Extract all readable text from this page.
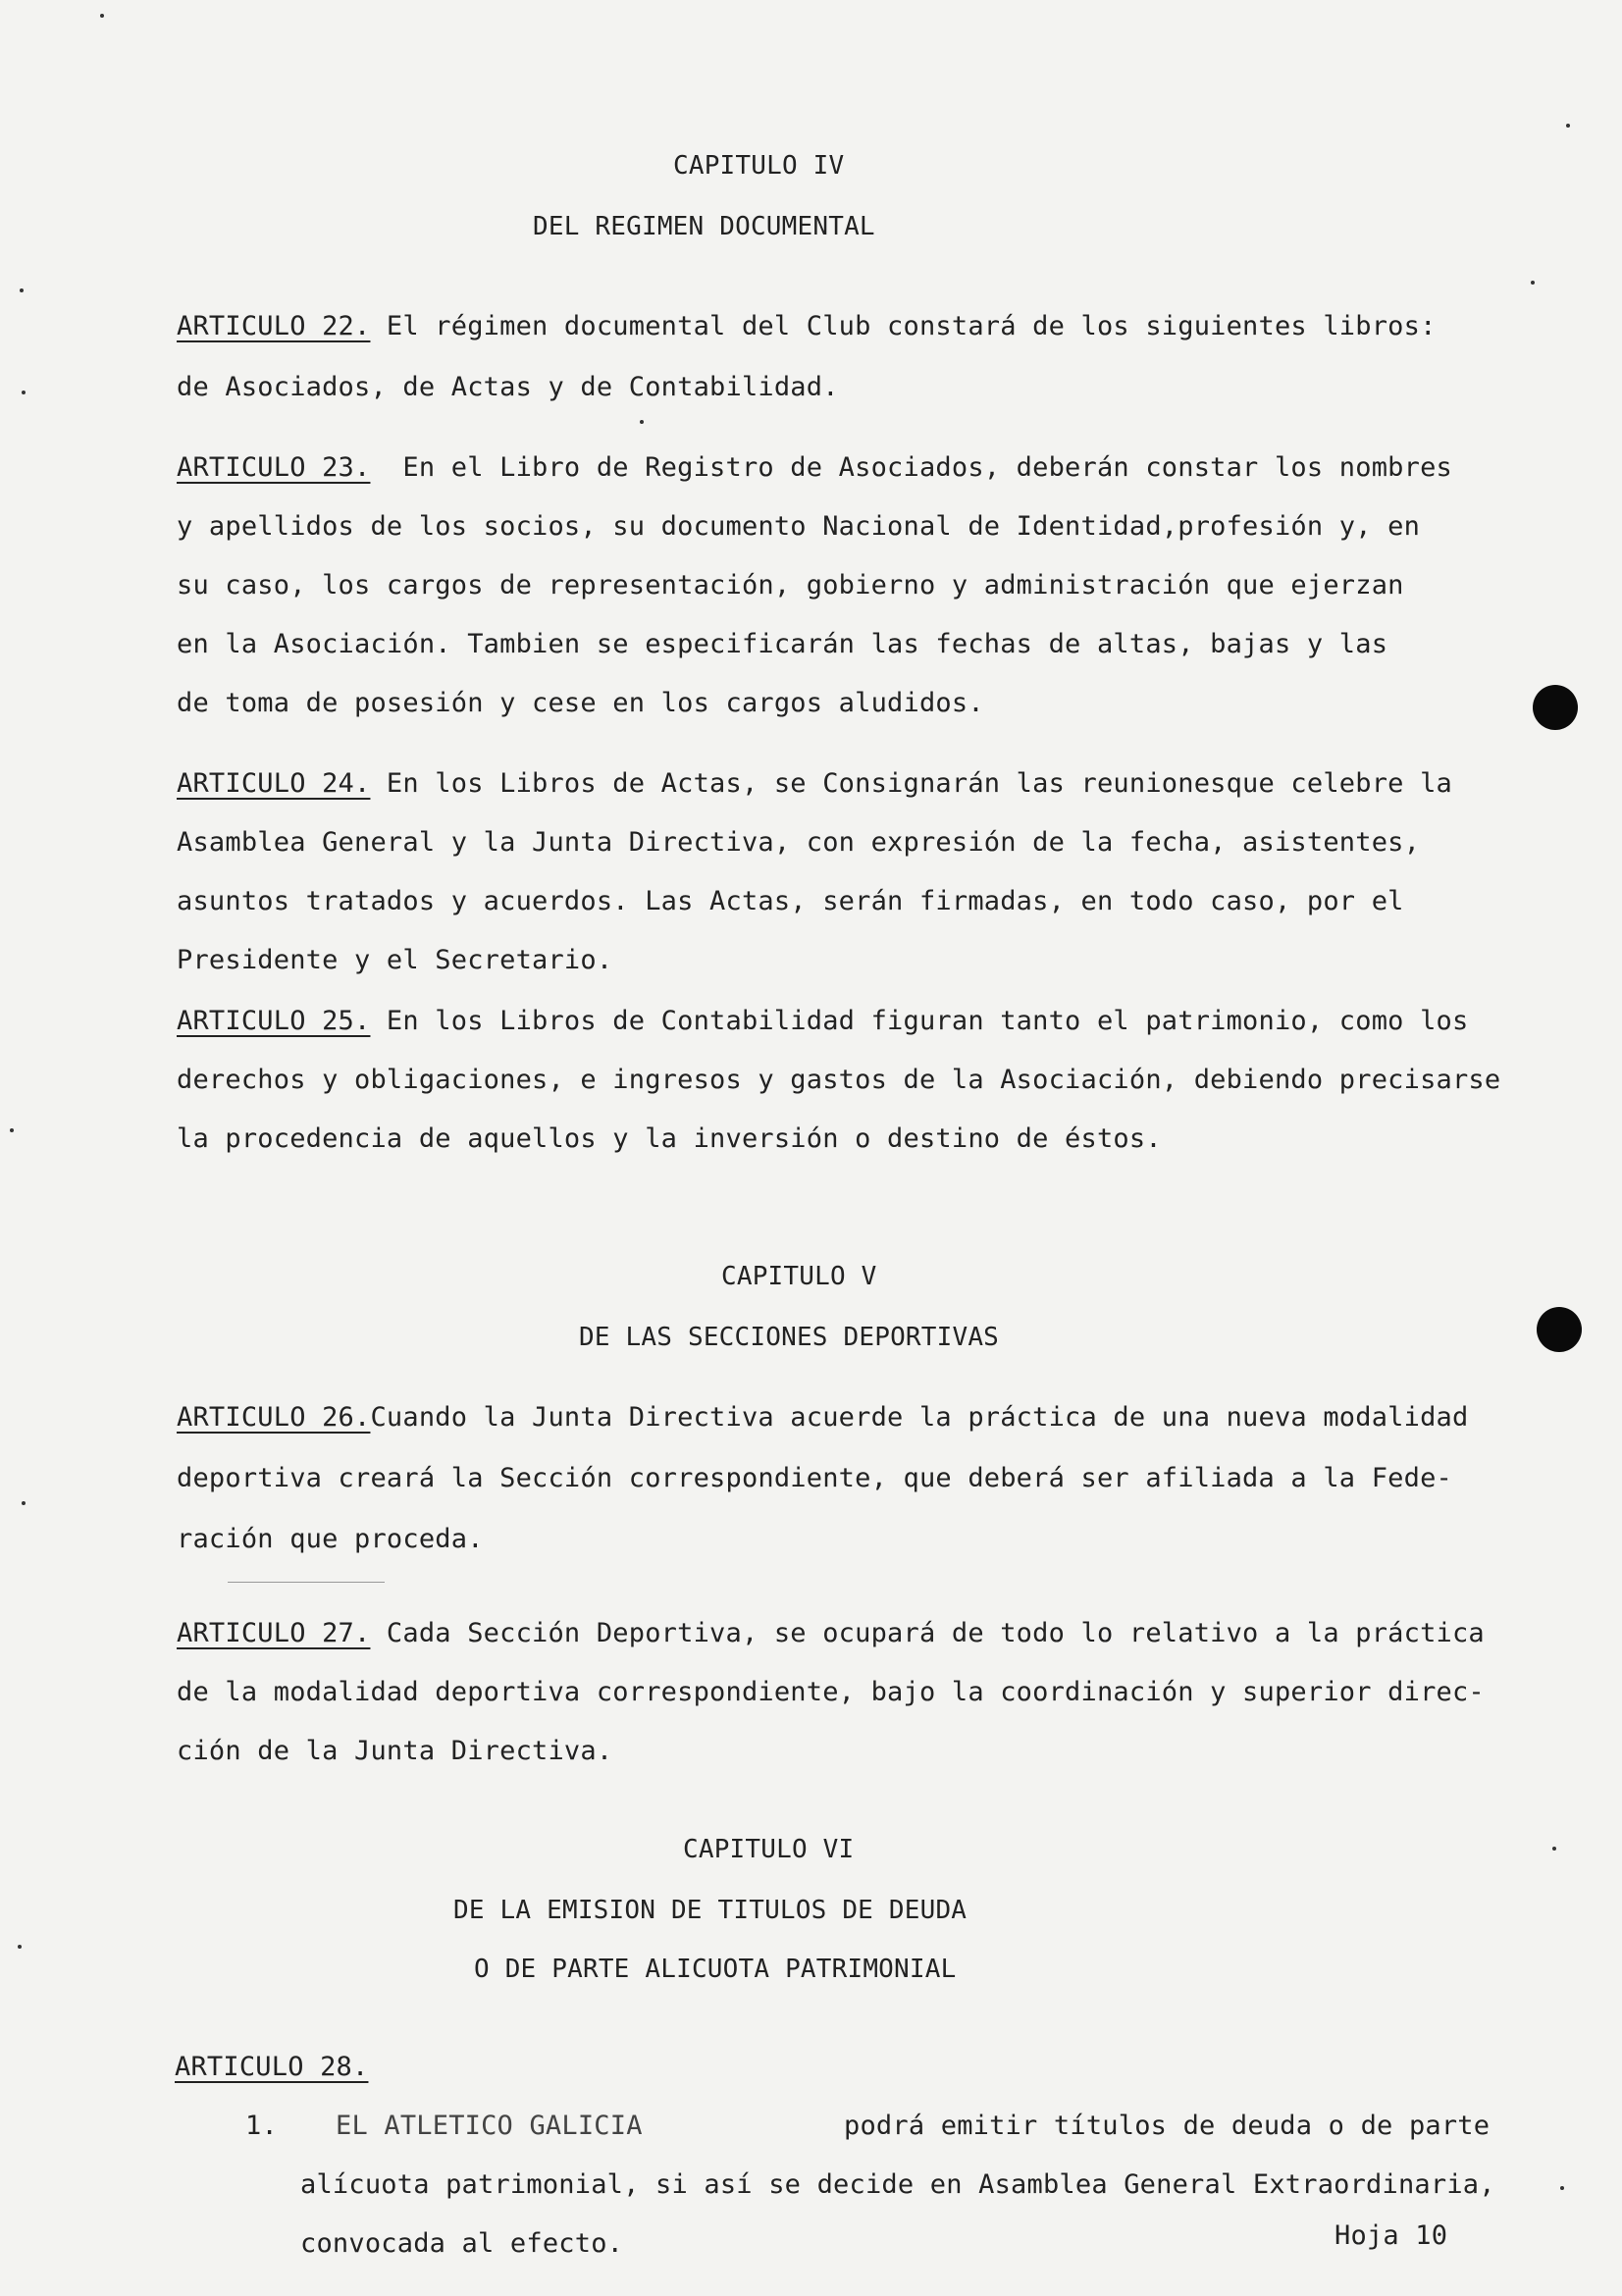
CAPITULO IV
DEL REGIMEN DOCUMENTAL
ARTICULO 22. El régimen documental del Club constará de los siguientes libros:
de Asociados, de Actas y de Contabilidad.
ARTICULO 23.  En el Libro de Registro de Asociados, deberán constar los nombres
y apellidos de los socios, su documento Nacional de Identidad,profesión y, en
su caso, los cargos de representación, gobierno y administración que ejerzan
en la Asociación. Tambien se especificarán las fechas de altas, bajas y las
de toma de posesión y cese en los cargos aludidos.
ARTICULO 24. En los Libros de Actas, se Consignarán las reunionesque celebre la
Asamblea General y la Junta Directiva, con expresión de la fecha, asistentes,
asuntos tratados y acuerdos. Las Actas, serán firmadas, en todo caso, por el
Presidente y el Secretario.
ARTICULO 25. En los Libros de Contabilidad figuran tanto el patrimonio, como los
derechos y obligaciones, e ingresos y gastos de la Asociación, debiendo precisarse
la procedencia de aquellos y la inversión o destino de éstos.
CAPITULO V
DE LAS SECCIONES DEPORTIVAS
ARTICULO 26.Cuando la Junta Directiva acuerde la práctica de una nueva modalidad
deportiva creará la Sección correspondiente, que deberá ser afiliada a la Fede-
ración que proceda.
ARTICULO 27. Cada Sección Deportiva, se ocupará de todo lo relativo a la práctica
de la modalidad deportiva correspondiente, bajo la coordinación y superior direc-
ción de la Junta Directiva.
CAPITULO VI
DE LA EMISION DE TITULOS DE DEUDA
O DE PARTE ALICUOTA PATRIMONIAL
ARTICULO 28.
1. EL ATLETICO GALICIA	podrá emitir títulos de deuda o de parte
alícuota patrimonial, si así se decide en Asamblea General Extraordinaria,
convocada al efecto.	Hoja 10
